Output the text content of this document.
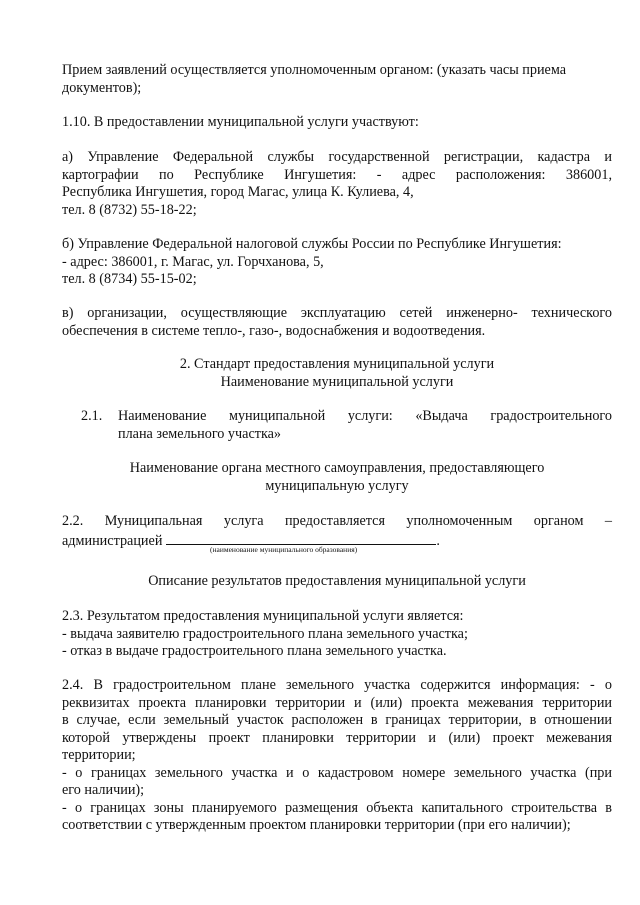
Прием заявлений осуществляется уполномоченным органом: (указать часы приема
документов);
1.10. В предоставлении муниципальной услуги участвуют:
а) Управление Федеральной службы государственной регистрации, кадастра и
картографии по Республике Ингушетия: - адрес расположения: 386001,
Республика Ингушетия, город Магас, улица К. Кулиева, 4,
тел. 8 (8732) 55-18-22;
б) Управление Федеральной налоговой службы России по Республике Ингушетия:
- адрес: 386001, г. Магас, ул. Горчханова, 5,
тел. 8 (8734) 55-15-02;
в) организации, осуществляющие эксплуатацию сетей инженерно- технического
обеспечения в системе тепло-, газо-, водоснабжения и водоотведения.

2. Стандарт предоставления муниципальной услуги

Наименование муниципальной услуги

2.1. Наименование муниципальной услуги: «Выдача градостроительного
плана земельного участка»

Наименование органа местного самоуправления, предоставляющего

муниципальную услугу

2.2. Муниципальная услуга предоставляется уполномоченным органом –
администрацией	.
(наименование муниципального образования)

Описание результатов предоставления муниципальной услуги

2.3. Результатом предоставления муниципальной услуги является:
- выдача заявителю градостроительного плана земельного участка;
- отказ в выдаче градостроительного плана земельного участка.
2.4. В градостроительном плане земельного участка содержится информация: - о
реквизитах проекта планировки территории и (или) проекта межевания территории
в случае, если земельный участок расположен в границах территории, в отношении
которой утверждены проект планировки территории и (или) проект межевания
территории;
- о границах земельного участка и о кадастровом номере земельного участка (при
его наличии);
- о границах зоны планируемого размещения объекта капитального строительства в
соответствии с утвержденным проектом планировки территории (при его наличии);
